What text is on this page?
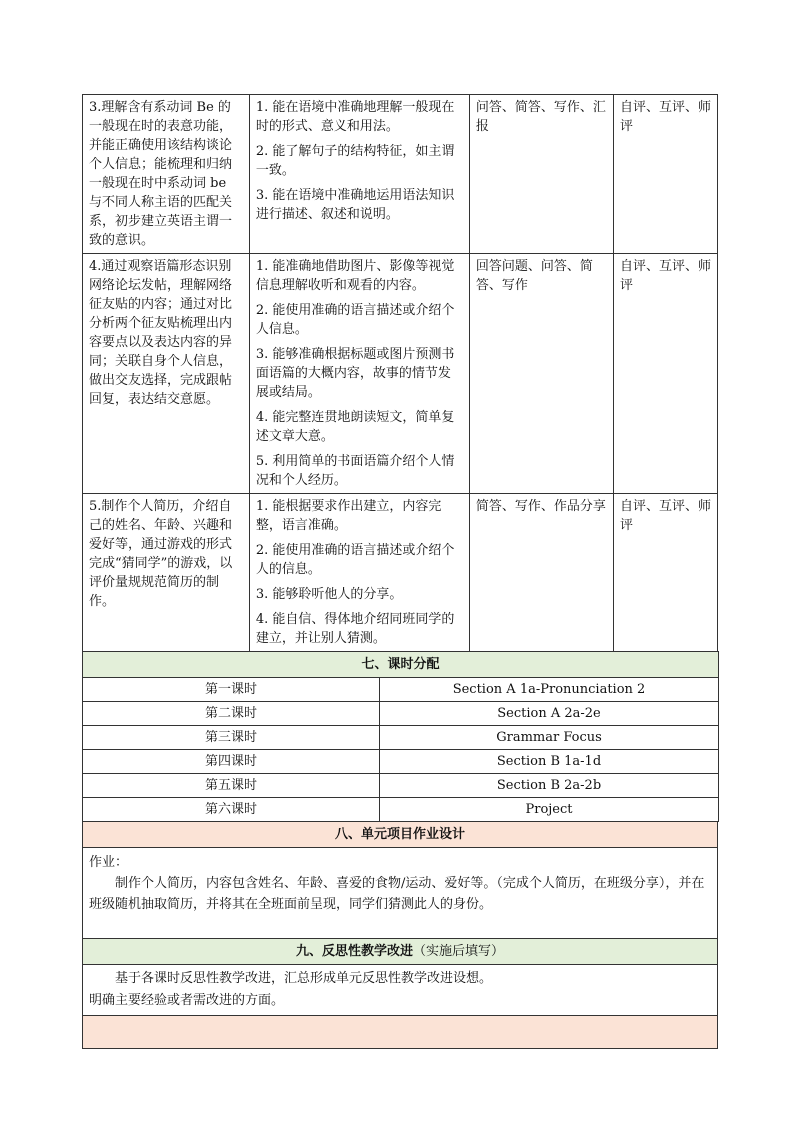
3.理解含有系动词 Be 的一般现在时的表意功能，并能正确使用该结构谈论个人信息；能梳理和归纳一般现在时中系动词 be 与不同人称主语的匹配关系，初步建立英语主谓一致的意识。	1. 能在语境中准确地理解一般现在时的形式、意义和用法。

2. 能了解句子的结构特征，如主谓一致。

3. 能在语境中准确地运用语法知识进行描述、叙述和说明。	问答、简答、写作、汇报	自评、互评、师评
4.通过观察语篇形态识别网络论坛发帖，理解网络征友贴的内容；通过对比分析两个征友贴梳理出内容要点以及表达内容的异同；关联自身个人信息，做出交友选择，完成跟帖回复，表达结交意愿。	1. 能准确地借助图片、影像等视觉信息理解收听和观看的内容。

2. 能使用准确的语言描述或介绍个人信息。

3. 能够准确根据标题或图片预测书面语篇的大概内容，故事的情节发展或结局。

4. 能完整连贯地朗读短文，简单复述文章大意。

5. 利用简单的书面语篇介绍个人情况和个人经历。	回答问题、问答、简答、写作	自评、互评、师评
5.制作个人简历，介绍自己的姓名、年龄、兴趣和爱好等，通过游戏的形式完成“猜同学”的游戏，以评价量规规范简历的制作。	1. 能根据要求作出建立，内容完整，语言准确。

2. 能使用准确的语言描述或介绍个人的信息。

3. 能够聆听他人的分享。

4. 能自信、得体地介绍同班同学的建立，并让别人猜测。	简答、写作、作品分享	自评、互评、师评
七、课时分配	
第一课时	Section A 1a-Pronunciation 2
第二课时	Section A 2a-2e
第三课时	Grammar Focus
第四课时	Section B 1a-1d
第五课时	Section B 2a-2b
第六课时	Project
八、单元项目作业设计

作业：
制作个人简历，内容包含姓名、年龄、喜爱的食物/运动、爱好等。（完成个人简历，在班级分享），并在班级随机抽取简历，并将其在全班面前呈现，同学们猜测此人的身份。

九、反思性教学改进（实施后填写）

基于各课时反思性教学改进，汇总形成单元反思性教学改进设想。
明确主要经验或者需改进的方面。
